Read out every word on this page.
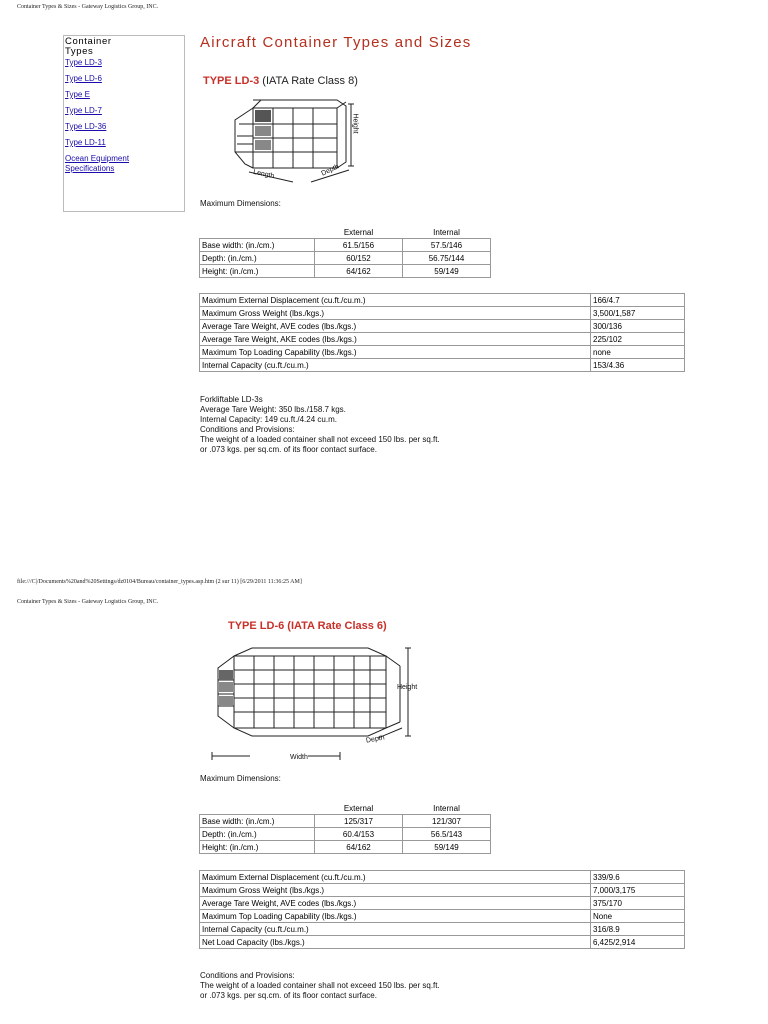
Container Types & Sizes - Gateway Logistics Group, INC.
Container
Types
Type LD-3
Type LD-6
Type E
Type LD-7
Type LD-36
Type LD-11
Ocean Equipment
Specifications
Aircraft Container Types and Sizes
TYPE LD-3 (IATA Rate Class 8)
Height
Length	Depth
Maximum Dimensions:
	External	Internal
Base width: (in./cm.)	61.5/156	57.5/146
Depth: (in./cm.)	60/152	56.75/144
Height: (in./cm.)	64/162	59/149
Maximum External Displacement (cu.ft./cu.m.)	166/4.7
Maximum Gross Weight (lbs./kgs.)	3,500/1,587
Average Tare Weight, AVE codes (lbs./kgs.)	300/136
Average Tare Weight, AKE codes (lbs./kgs.)	225/102
Maximum Top Loading Capability (lbs./kgs.)	none
Internal Capacity (cu.ft./cu.m.)	153/4.36
Forkliftable LD-3s
Average Tare Weight: 350 lbs./158.7 kgs.
Internal Capacity: 149 cu.ft./4.24 cu.m.
Conditions and Provisions:
The weight of a loaded container shall not exceed 150 lbs. per sq.ft.
or .073 kgs. per sq.cm. of its floor contact surface.
file:///C|/Documents%20and%20Settings/dz0104/Bureau/container_types.asp.htm (2 sur 11) [6/29/2011 11:36:25 AM]
Container Types & Sizes - Gateway Logistics Group, INC.
TYPE LD-6 (IATA Rate Class 6)
Height
Depth
Width
Maximum Dimensions:
	External	Internal
Base width: (in./cm.)	125/317	121/307
Depth: (in./cm.)	60.4/153	56.5/143
Height: (in./cm.)	64/162	59/149
Maximum External Displacement (cu.ft./cu.m.)	339/9.6
Maximum Gross Weight (lbs./kgs.)	7,000/3,175
Average Tare Weight, AVE codes (lbs./kgs.)	375/170
Maximum Top Loading Capability (lbs./kgs.)	None
Internal Capacity (cu.ft./cu.m.)	316/8.9
Net Load Capacity (lbs./kgs.)	6,425/2,914
Conditions and Provisions:
The weight of a loaded container shall not exceed 150 lbs. per sq.ft.
or .073 kgs. per sq.cm. of its floor contact surface.
